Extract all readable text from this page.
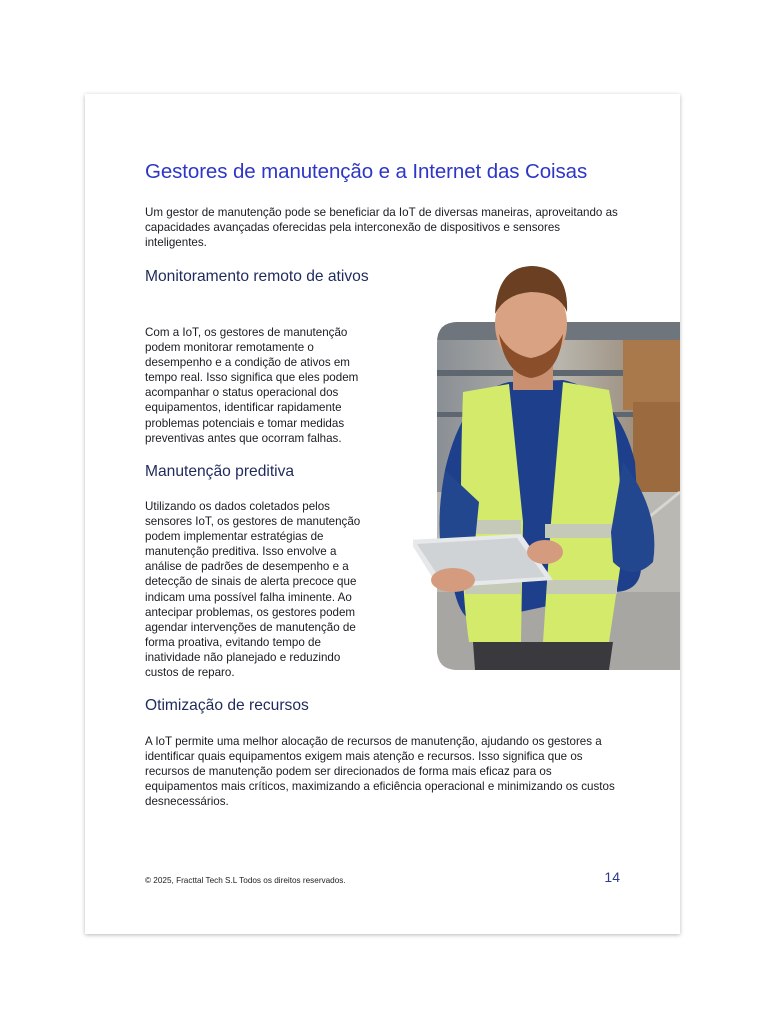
Gestores de manutenção e a Internet das Coisas

Um gestor de manutenção pode se beneficiar da IoT de diversas maneiras, aproveitando as capacidades avançadas oferecidas pela interconexão de dispositivos e sensores inteligentes.

Monitoramento remoto de ativos

Com a IoT, os gestores de manutenção podem monitorar remotamente o desempenho e a condição de ativos em tempo real. Isso significa que eles podem acompanhar o status operacional dos equipamentos, identificar rapidamente problemas potenciais e tomar medidas preventivas antes que ocorram falhas.

Manutenção preditiva

Utilizando os dados coletados pelos sensores IoT, os gestores de manutenção podem implementar estratégias de manutenção preditiva. Isso envolve a análise de padrões de desempenho e a detecção de sinais de alerta precoce que indicam uma possível falha iminente. Ao antecipar problemas, os gestores podem agendar intervenções de manutenção de forma proativa, evitando tempo de inatividade não planejado e reduzindo custos de reparo.

Otimização de recursos

A IoT permite uma melhor alocação de recursos de manutenção, ajudando os gestores a identificar quais equipamentos exigem mais atenção e recursos. Isso significa que os recursos de manutenção podem ser direcionados de forma mais eficaz para os equipamentos mais críticos, maximizando a eficiência operacional e minimizando os custos desnecessários.

© 2025, Fracttal Tech S.L Todos os direitos reservados.	14
